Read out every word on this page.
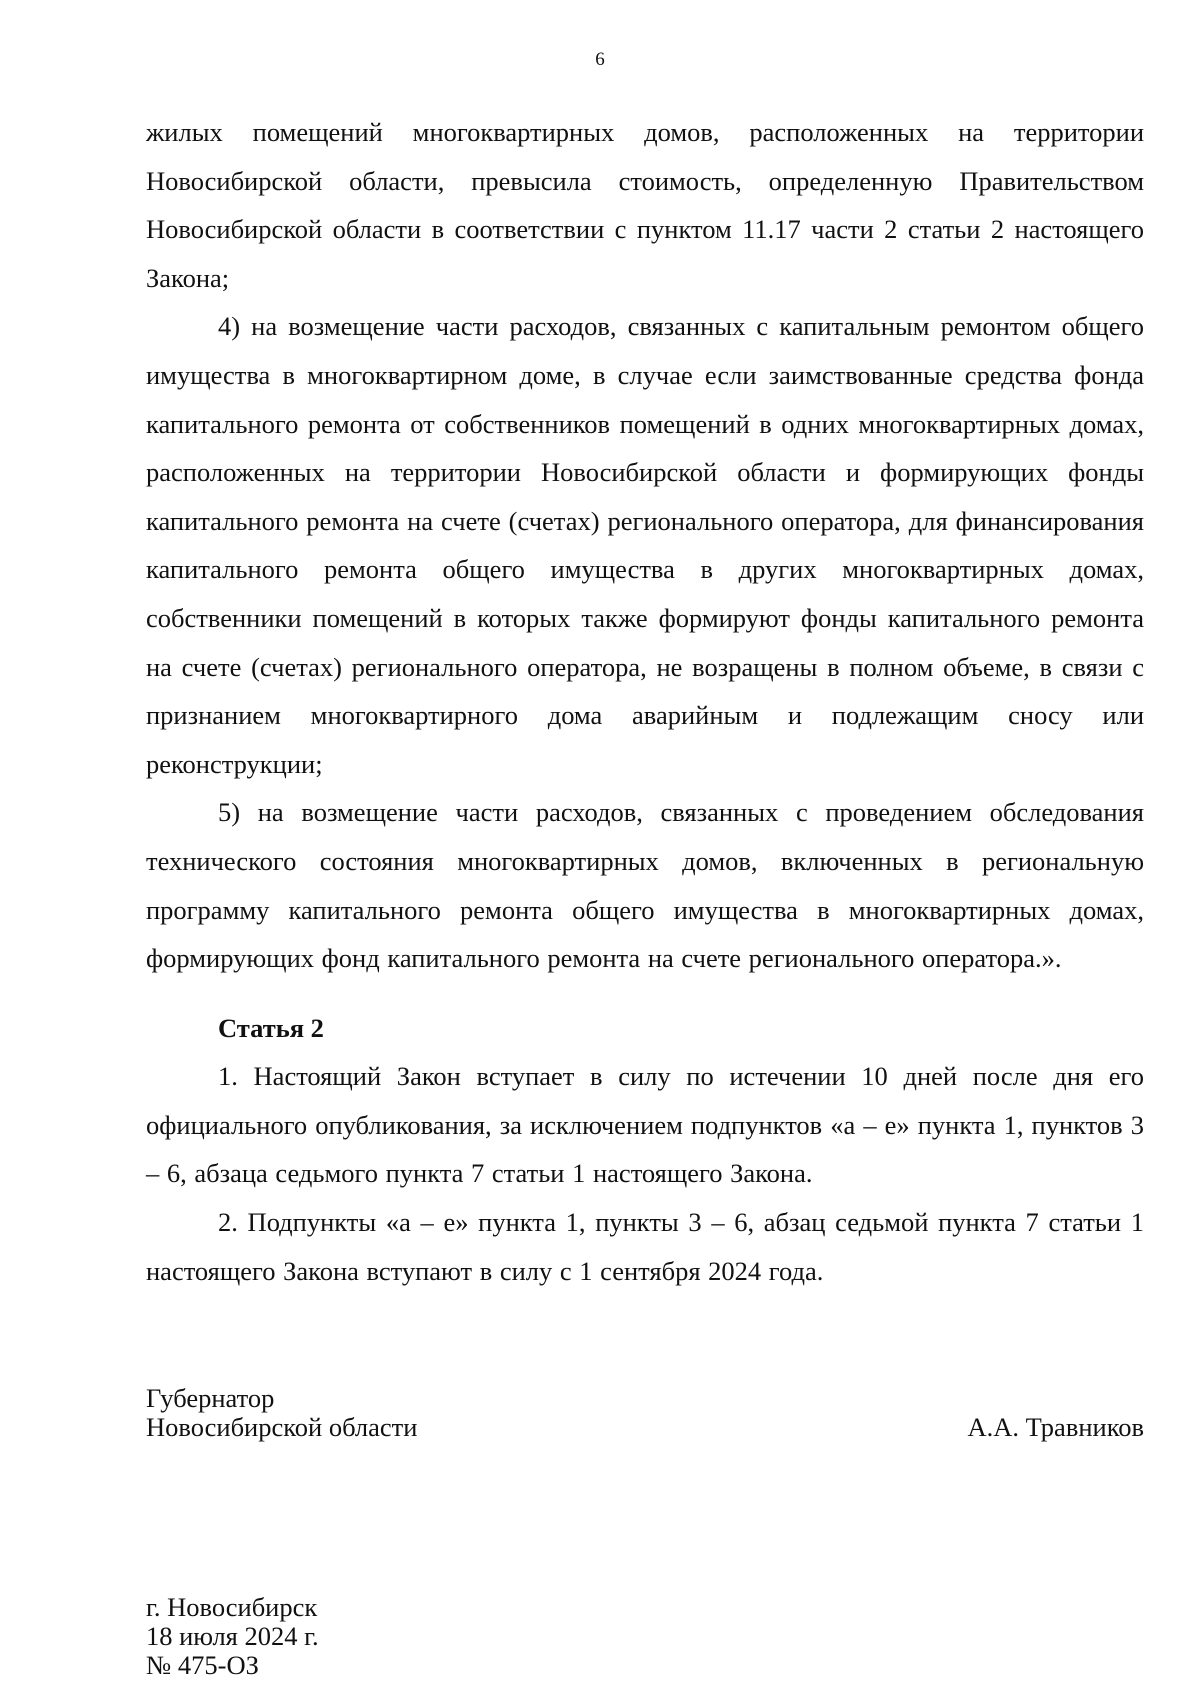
6

жилых помещений многоквартирных домов, расположенных на территории Новосибирской области, превысила стоимость, определенную Правительством Новосибирской области в соответствии с пунктом 11.17 части 2 статьи 2 настоящего Закона;

4) на возмещение части расходов, связанных с капитальным ремонтом общего имущества в многоквартирном доме, в случае если заимствованные средства фонда капитального ремонта от собственников помещений в одних многоквартирных домах, расположенных на территории Новосибирской области и формирующих фонды капитального ремонта на счете (счетах) регионального оператора, для финансирования капитального ремонта общего имущества в других многоквартирных домах, собственники помещений в которых также формируют фонды капитального ремонта на счете (счетах) регионального оператора, не возращены в полном объеме, в связи с признанием многоквартирного дома аварийным и подлежащим сносу или реконструкции;

5) на возмещение части расходов, связанных с проведением обследования технического состояния многоквартирных домов, включенных в региональную программу капитального ремонта общего имущества в многоквартирных домах, формирующих фонд капитального ремонта на счете регионального оператора.».

Статья 2

1. Настоящий Закон вступает в силу по истечении 10 дней после дня его официального опубликования, за исключением подпунктов «а – е» пункта 1, пунктов 3 – 6, абзаца седьмого пункта 7 статьи 1 настоящего Закона.

2. Подпункты «а – е» пункта 1, пункты 3 – 6, абзац седьмой пункта 7 статьи 1 настоящего Закона вступают в силу с 1 сентября 2024 года.

Губернатор
Новосибирской области	А.А. Травников
г. Новосибирск
18 июля 2024 г.
№ 475-ОЗ
